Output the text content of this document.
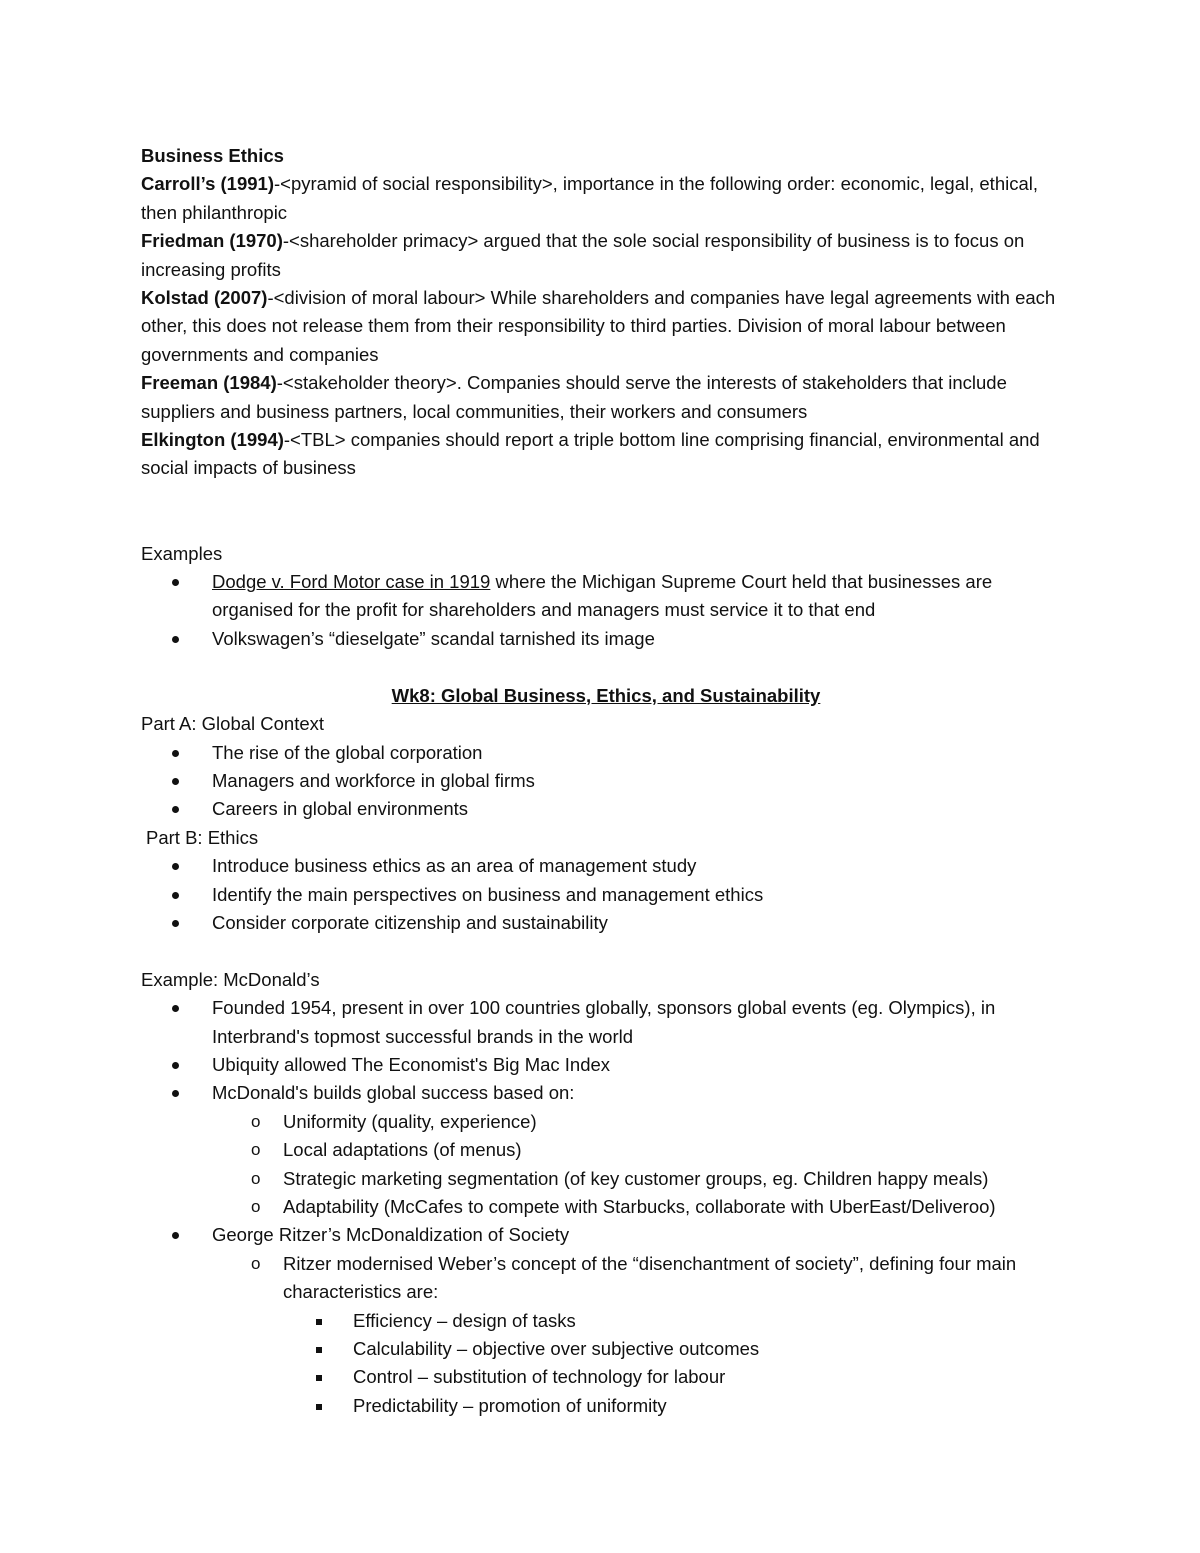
Business Ethics

Carroll’s (1991)-<pyramid of social responsibility>, importance in the following order: economic, legal, ethical, then philanthropic

Friedman (1970)-<shareholder primacy> argued that the sole social responsibility of business is to focus on increasing profits

Kolstad (2007)-<division of moral labour> While shareholders and companies have legal agreements with each other, this does not release them from their responsibility to third parties. Division of moral labour between governments and companies

Freeman (1984)-<stakeholder theory>. Companies should serve the interests of stakeholders that include suppliers and business partners, local communities, their workers and consumers

Elkington (1994)-<TBL> companies should report a triple bottom line comprising financial, environmental and social impacts of business

Examples

Dodge v. Ford Motor case in 1919 where the Michigan Supreme Court held that businesses are organised for the profit for shareholders and managers must service it to that end
Volkswagen’s “dieselgate” scandal tarnished its image

Wk8: Global Business, Ethics, and Sustainability

Part A: Global Context

The rise of the global corporation
Managers and workforce in global firms
Careers in global environments

Part B: Ethics

Introduce business ethics as an area of management study
Identify the main perspectives on business and management ethics
Consider corporate citizenship and sustainability

Example: McDonald’s

Founded 1954, present in over 100 countries globally, sponsors global events (eg. Olympics), in Interbrand's topmost successful brands in the world
Ubiquity allowed The Economist's Big Mac Index
McDonald's builds global success based on:
o Uniformity (quality, experience)
o Local adaptations (of menus)
o Strategic marketing segmentation (of key customer groups, eg. Children happy meals)
o Adaptability (McCafes to compete with Starbucks, collaborate with UberEast/Deliveroo)
George Ritzer’s McDonaldization of Society
o Ritzer modernised Weber’s concept of the “disenchantment of society”, defining four main characteristics are:
Efficiency – design of tasks
Calculability – objective over subjective outcomes
Control – substitution of technology for labour
Predictability – promotion of uniformity
